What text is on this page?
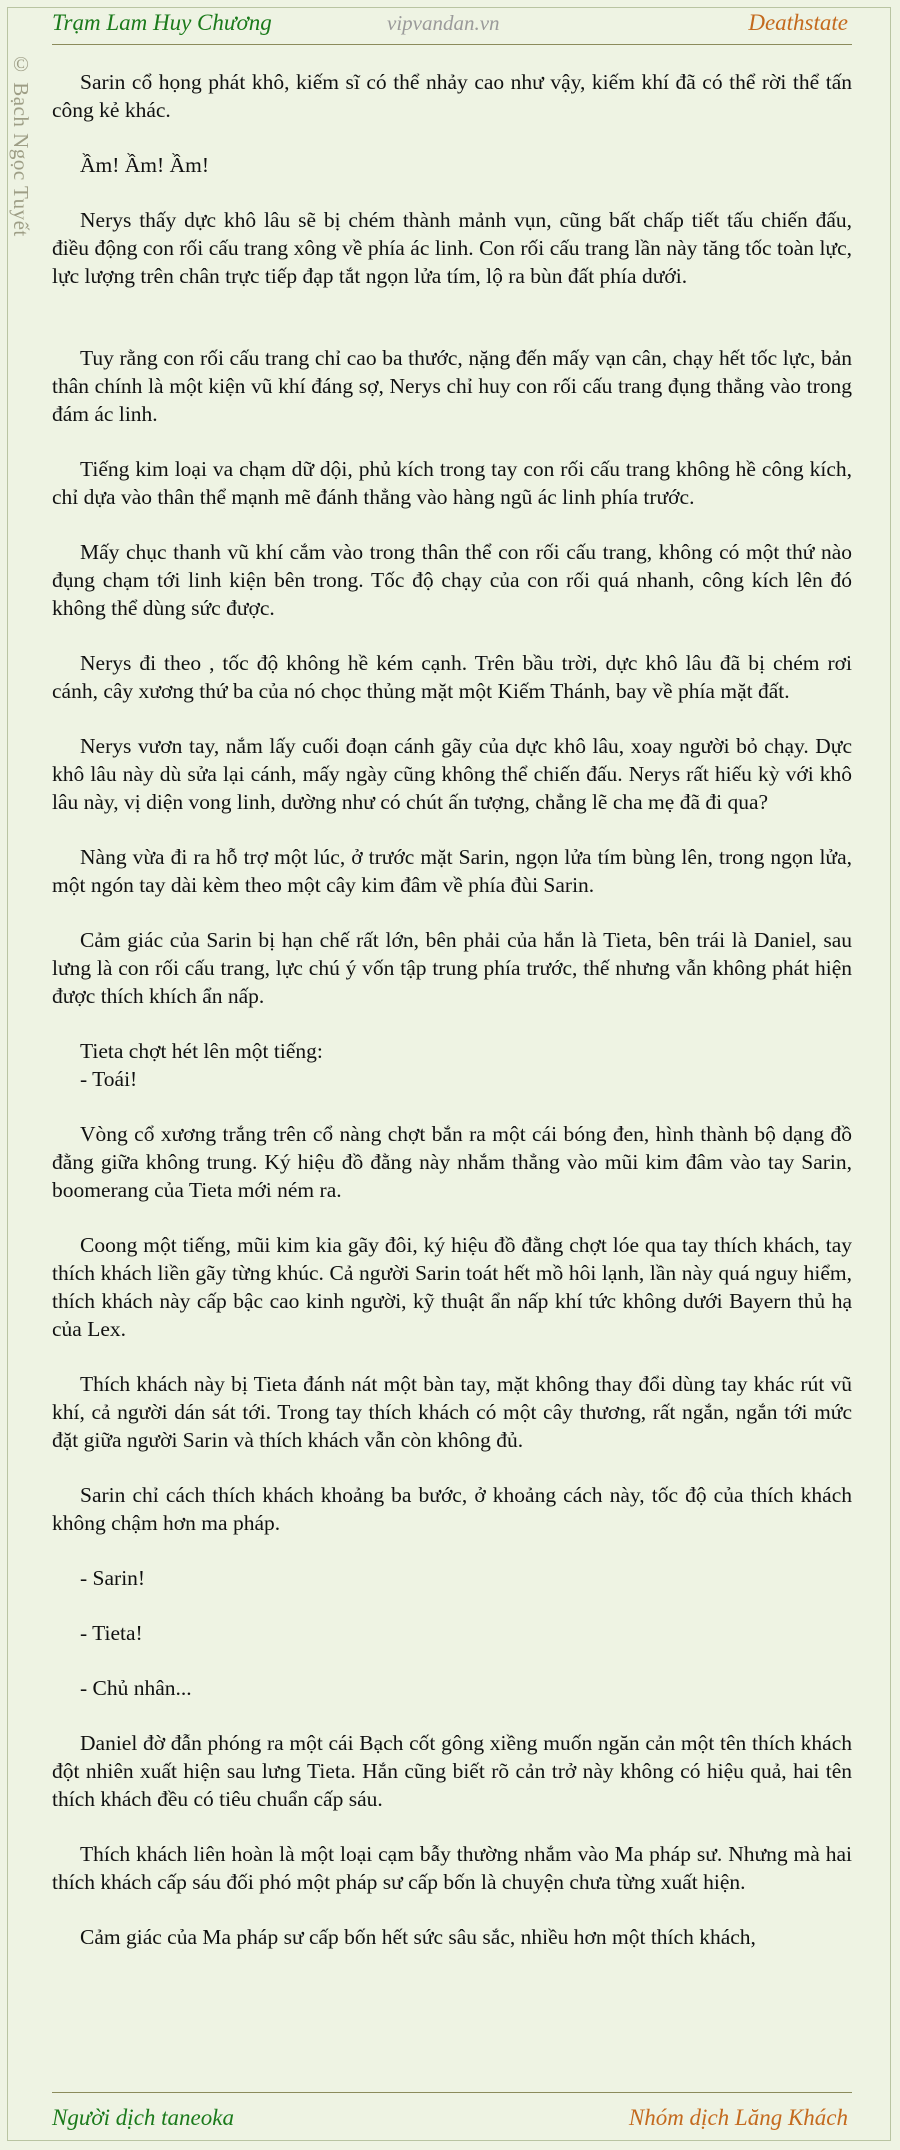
Trạm Lam Huy Chương	vipvandan.vn	Deathstate
© Bạch Ngọc Tuyết	Sarin cổ họng phát khô, kiếm sĩ có thể nhảy cao như vậy, kiếm khí đã có thể rời thể tấn công kẻ khác.

Ầm! Ầm! Ầm!

Nerys thấy dực khô lâu sẽ bị chém thành mảnh vụn, cũng bất chấp tiết tấu chiến đấu, điều động con rối cấu trang xông về phía ác linh. Con rối cấu trang lần này tăng tốc toàn lực, lực lượng trên chân trực tiếp đạp tắt ngọn lửa tím, lộ ra bùn đất phía dưới.

Tuy rằng con rối cấu trang chỉ cao ba thước, nặng đến mấy vạn cân, chạy hết tốc lực, bản thân chính là một kiện vũ khí đáng sợ, Nerys chỉ huy con rối cấu trang đụng thẳng vào trong đám ác linh.

Tiếng kim loại va chạm dữ dội, phủ kích trong tay con rối cấu trang không hề công kích, chỉ dựa vào thân thể mạnh mẽ đánh thẳng vào hàng ngũ ác linh phía trước.

Mấy chục thanh vũ khí cắm vào trong thân thể con rối cấu trang, không có một thứ nào đụng chạm tới linh kiện bên trong. Tốc độ chạy của con rối quá nhanh, công kích lên đó không thể dùng sức được.

Nerys đi theo , tốc độ không hề kém cạnh. Trên bầu trời, dực khô lâu đã bị chém rơi cánh, cây xương thứ ba của nó chọc thủng mặt một Kiếm Thánh, bay về phía mặt đất.

Nerys vươn tay, nắm lấy cuối đoạn cánh gãy của dực khô lâu, xoay người bỏ chạy. Dực khô lâu này dù sửa lại cánh, mấy ngày cũng không thể chiến đấu. Nerys rất hiếu kỳ với khô lâu này, vị diện vong linh, dường như có chút ấn tượng, chẳng lẽ cha mẹ đã đi qua?

Nàng vừa đi ra hỗ trợ một lúc, ở trước mặt Sarin, ngọn lửa tím bùng lên, trong ngọn lửa, một ngón tay dài kèm theo một cây kim đâm về phía đùi Sarin.

Cảm giác của Sarin bị hạn chế rất lớn, bên phải của hắn là Tieta, bên trái là Daniel, sau lưng là con rối cấu trang, lực chú ý vốn tập trung phía trước, thế nhưng vẫn không phát hiện được thích khích ẩn nấp.

Tieta chợt hét lên một tiếng:

- Toái!

Vòng cổ xương trắng trên cổ nàng chợt bắn ra một cái bóng đen, hình thành bộ dạng đồ đằng giữa không trung. Ký hiệu đồ đằng này nhắm thẳng vào mũi kim đâm vào tay Sarin, boomerang của Tieta mới ném ra.

Coong một tiếng, mũi kim kia gãy đôi, ký hiệu đồ đằng chợt lóe qua tay thích khách, tay thích khách liền gãy từng khúc. Cả người Sarin toát hết mồ hôi lạnh, lần này quá nguy hiểm, thích khách này cấp bậc cao kinh người, kỹ thuật ẩn nấp khí tức không dưới Bayern thủ hạ của Lex.

Thích khách này bị Tieta đánh nát một bàn tay, mặt không thay đổi dùng tay khác rút vũ khí, cả người dán sát tới. Trong tay thích khách có một cây thương, rất ngắn, ngắn tới mức đặt giữa người Sarin và thích khách vẫn còn không đủ.

Sarin chỉ cách thích khách khoảng ba bước, ở khoảng cách này, tốc độ của thích khách không chậm hơn ma pháp.

- Sarin!

- Tieta!

- Chủ nhân...

Daniel đờ đẫn phóng ra một cái Bạch cốt gông xiềng muốn ngăn cản một tên thích khách đột nhiên xuất hiện sau lưng Tieta. Hắn cũng biết rõ cản trở này không có hiệu quả, hai tên thích khách đều có tiêu chuẩn cấp sáu.

Thích khách liên hoàn là một loại cạm bẫy thường nhắm vào Ma pháp sư. Nhưng mà hai thích khách cấp sáu đối phó một pháp sư cấp bốn là chuyện chưa từng xuất hiện.

Cảm giác của Ma pháp sư cấp bốn hết sức sâu sắc, nhiều hơn một thích khách,

Người dịch taneoka	Nhóm dịch Lăng Khách
